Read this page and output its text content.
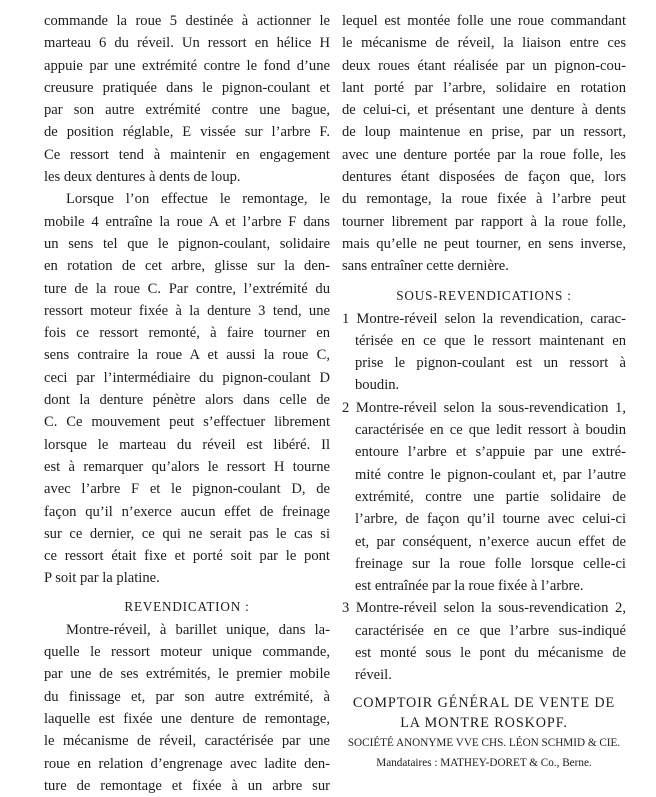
commande la roue 5 destinée à actionner le
marteau 6 du réveil. Un ressort en hélice H
appuie par une extrémité contre le fond d’une
creusure pratiquée dans le pignon-coulant et
par son autre extrémité contre une bague,
de position réglable, E vissée sur l’arbre F.
Ce ressort tend à maintenir en engagement
les deux dentures à dents de loup.
Lorsque l’on effectue le remontage, le
mobile 4 entraîne la roue A et l’arbre F dans
un sens tel que le pignon-coulant, solidaire
en rotation de cet arbre, glisse sur la den-
ture de la roue C. Par contre, l’extrémité du
ressort moteur fixée à la denture 3 tend, une
fois ce ressort remonté, à faire tourner en
sens contraire la roue A et aussi la roue C,
ceci par l’intermédiaire du pignon-coulant D
dont la denture pénètre alors dans celle de
C. Ce mouvement peut s’effectuer librement
lorsque le marteau du réveil est libéré. Il
est à remarquer qu’alors le ressort H tourne
avec l’arbre F et le pignon-coulant D, de
façon qu’il n’exerce aucun effet de freinage
sur ce dernier, ce qui ne serait pas le cas si
ce ressort était fixe et porté soit par le pont
P soit par la platine.
REVENDICATION :
Montre-réveil, à barillet unique, dans la-
quelle le ressort moteur unique commande,
par une de ses extrémités, le premier mobile
du finissage et, par son autre extrémité, à
laquelle est fixée une denture de remontage,
le mécanisme de réveil, caractérisée par une
roue en relation d’engrenage avec ladite den-
ture de remontage et fixée à un arbre sur
lequel est montée folle une roue commandant
le mécanisme de réveil, la liaison entre ces
deux roues étant réalisée par un pignon-cou-
lant porté par l’arbre, solidaire en rotation
de celui-ci, et présentant une denture à dents
de loup maintenue en prise, par un ressort,
avec une denture portée par la roue folle, les
dentures étant disposées de façon que, lors
du remontage, la roue fixée à l’arbre peut
tourner librement par rapport à la roue folle,
mais qu’elle ne peut tourner, en sens inverse,
sans entraîner cette dernière.
SOUS-REVENDICATIONS :
1 Montre-réveil selon la revendication, carac-
térisée en ce que le ressort maintenant en
prise le pignon-coulant est un ressort à
boudin.
2 Montre-réveil selon la sous-revendication 1,
caractérisée en ce que ledit ressort à boudin
entoure l’arbre et s’appuie par une extré-
mité contre le pignon-coulant et, par l’autre
extrémité, contre une partie solidaire de
l’arbre, de façon qu’il tourne avec celui-ci
et, par conséquent, n’exerce aucun effet de
freinage sur la roue folle lorsque celle-ci
est entraînée par la roue fixée à l’arbre.
3 Montre-réveil selon la sous-revendication 2,
caractérisée en ce que l’arbre sus-indiqué
est monté sous le pont du mécanisme de
réveil.
COMPTOIR GÉNÉRAL DE VENTE DE
LA MONTRE ROSKOPF.
SOCIÉTÉ ANONYME VVE CHS. LÉON SCHMID & CIE.
Mandataires : MATHEY-DORET & Co., Berne.
